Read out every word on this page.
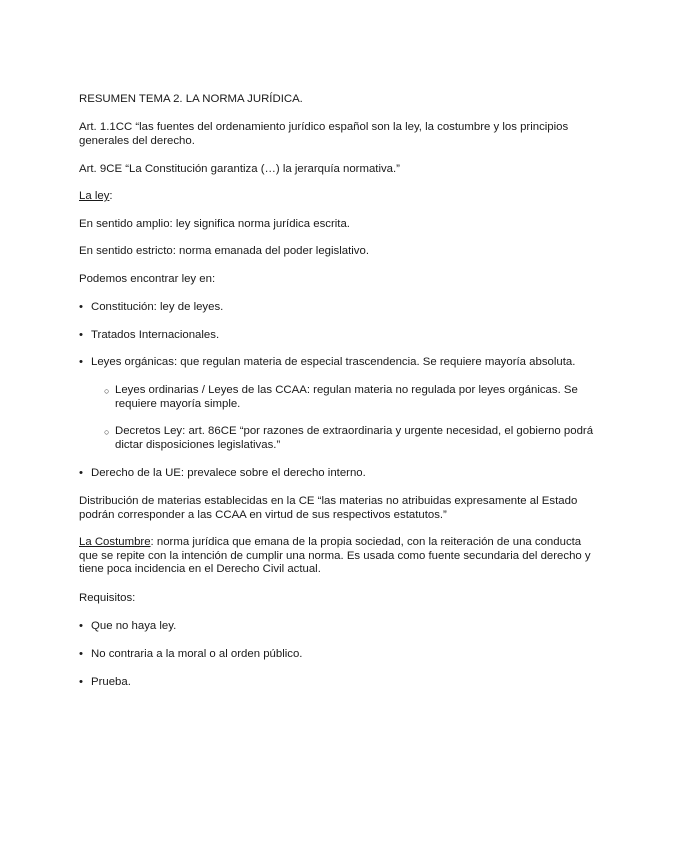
RESUMEN TEMA 2. LA NORMA JURÍDICA.

Art. 1.1CC “las fuentes del ordenamiento jurídico español son la ley, la costumbre y los principios generales del derecho.

Art. 9CE “La Constitución garantiza (…) la jerarquía normativa.”

La ley:

En sentido amplio: ley significa norma jurídica escrita.

En sentido estricto: norma emanada del poder legislativo.

Podemos encontrar ley en:

• Constitución: ley de leyes.

• Tratados Internacionales.

• Leyes orgánicas: que regulan materia de especial trascendencia. Se requiere mayoría absoluta.

○ Leyes ordinarias / Leyes de las CCAA: regulan materia no regulada por leyes orgánicas. Se requiere mayoría simple.

○ Decretos Ley: art. 86CE “por razones de extraordinaria y urgente necesidad, el gobierno podrá dictar disposiciones legislativas.”

• Derecho de la UE: prevalece sobre el derecho interno.

Distribución de materias establecidas en la CE “las materias no atribuidas expresamente al Estado podrán corresponder a las CCAA en virtud de sus respectivos estatutos.”

La Costumbre: norma jurídica que emana de la propia sociedad, con la reiteración de una conducta que se repite con la intención de cumplir una norma. Es usada como fuente secundaria del derecho y tiene poca incidencia en el Derecho Civil actual.

Requisitos:

• Que no haya ley.

• No contraria a la moral o al orden público.

• Prueba.
